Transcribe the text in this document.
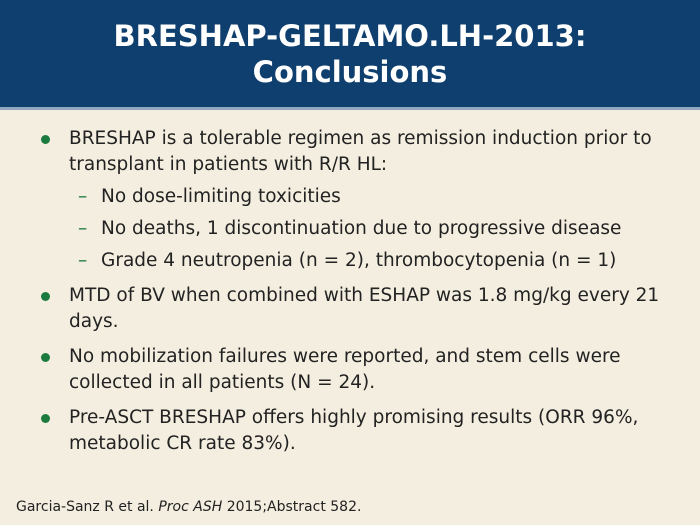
BRESHAP-GELTAMO.LH-2013:
Conclusions
BRESHAP is a tolerable regimen as remission induction prior to transplant in patients with R/R HL:
– No dose-limiting toxicities
– No deaths, 1 discontinuation due to progressive disease
– Grade 4 neutropenia (n = 2), thrombocytopenia (n = 1)
MTD of BV when combined with ESHAP was 1.8 mg/kg every 21 days.
No mobilization failures were reported, and stem cells were collected in all patients (N = 24).
Pre-ASCT BRESHAP offers highly promising results (ORR 96%, metabolic CR rate 83%).
Garcia-Sanz R et al. Proc ASH 2015;Abstract 582.
